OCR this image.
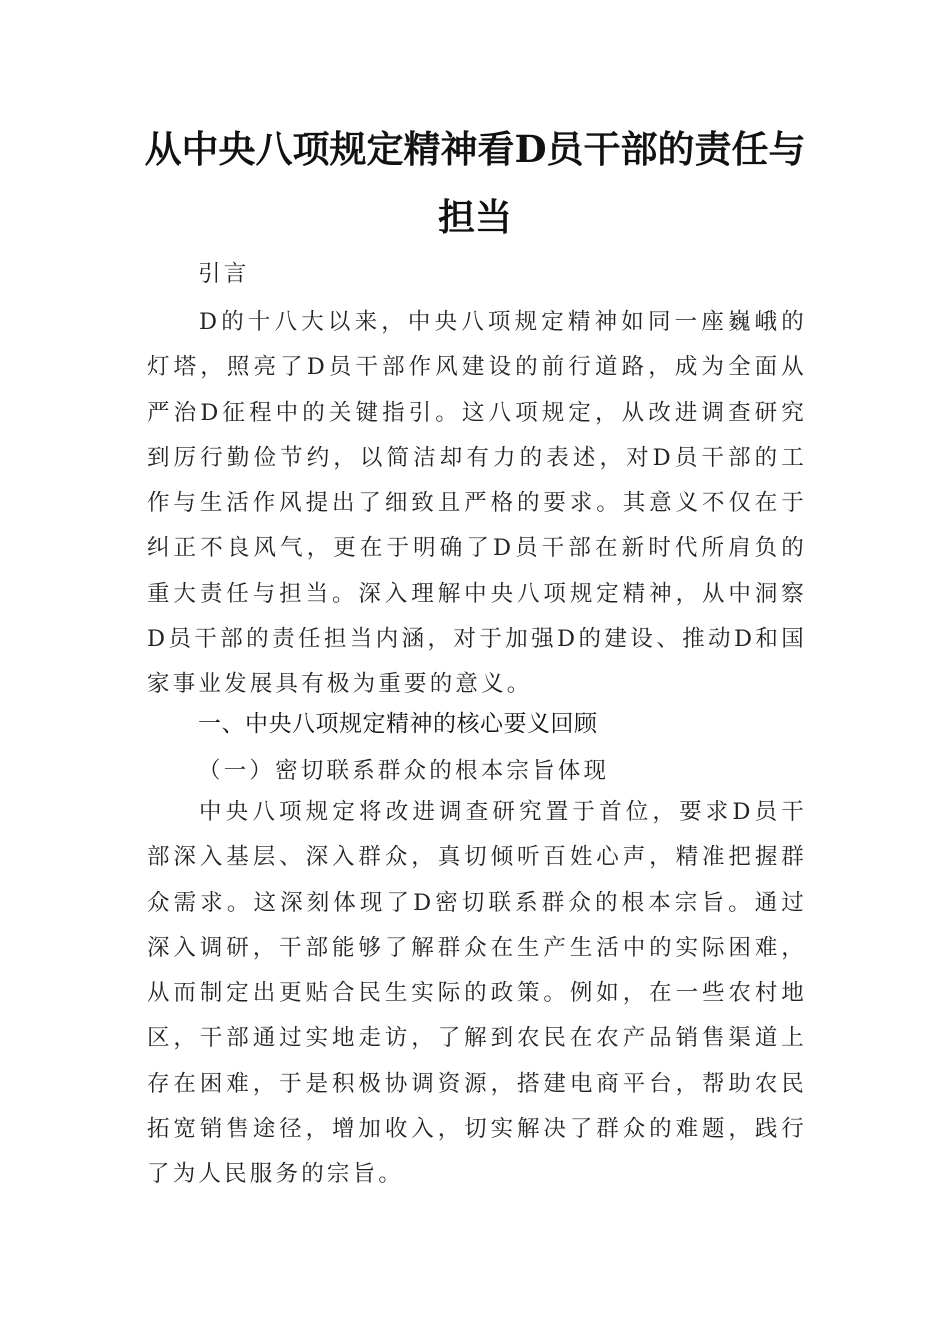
从中央八项规定精神看D员干部的责任与
担当
引言

D的十八大以来，中央八项规定精神如同一座巍峨的灯塔，照亮了D员干部作风建设的前行道路，成为全面从严治D征程中的关键指引。这八项规定，从改进调查研究到厉行勤俭节约，以简洁却有力的表述，对D员干部的工作与生活作风提出了细致且严格的要求。其意义不仅在于纠正不良风气，更在于明确了D员干部在新时代所肩负的重大责任与担当。深入理解中央八项规定精神，从中洞察D员干部的责任担当内涵，对于加强D的建设、推动D和国家事业发展具有极为重要的意义。

一、中央八项规定精神的核心要义回顾
（一）密切联系群众的根本宗旨体现

中央八项规定将改进调查研究置于首位，要求D员干部深入基层、深入群众，真切倾听百姓心声，精准把握群众需求。这深刻体现了D密切联系群众的根本宗旨。通过深入调研，干部能够了解群众在生产生活中的实际困难，从而制定出更贴合民生实际的政策。例如，在一些农村地区，干部通过实地走访，了解到农民在农产品销售渠道上存在困难，于是积极协调资源，搭建电商平台，帮助农民拓宽销售途径，增加收入，切实解决了群众的难题，践行了为人民服务的宗旨。
